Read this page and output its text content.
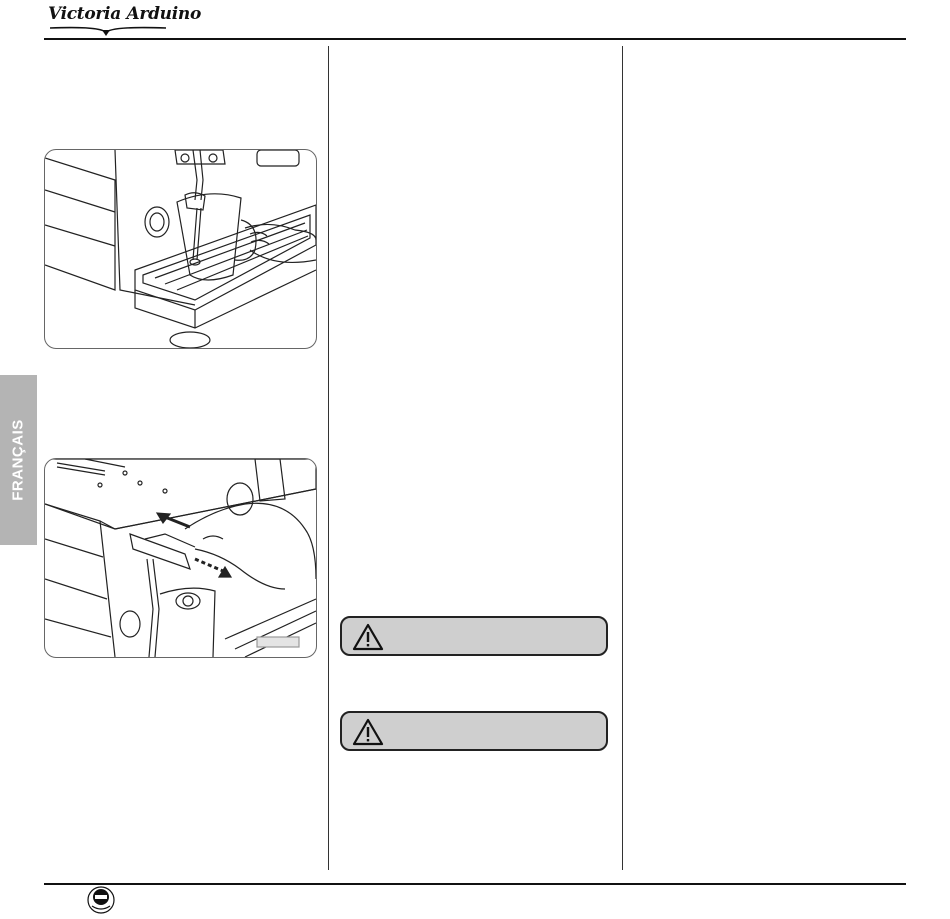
Victoria Arduino
FRANÇAIS
